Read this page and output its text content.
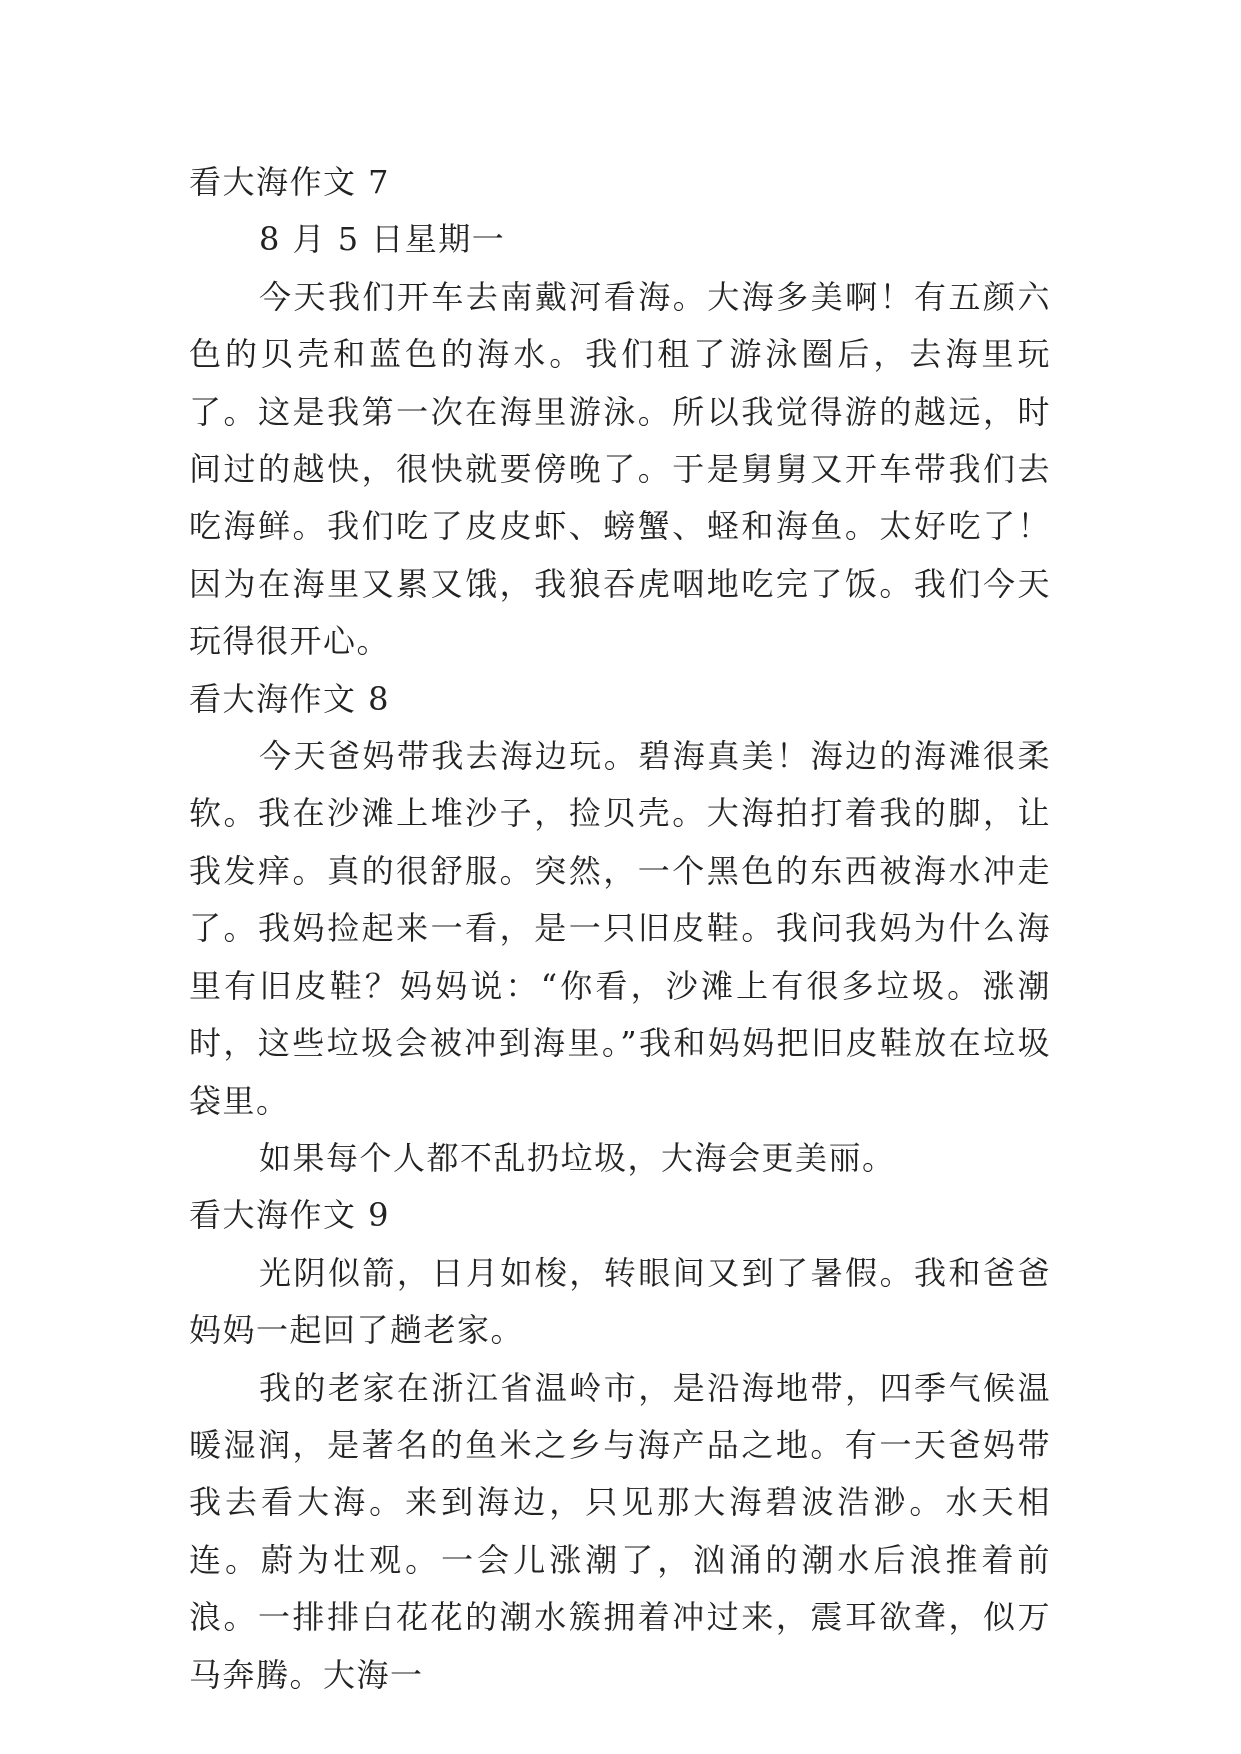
看大海作文 7
8 月 5 日星期一
今天我们开车去南戴河看海。大海多美啊！有五颜六色的贝壳和蓝色的海水。我们租了游泳圈后，去海里玩了。这是我第一次在海里游泳。所以我觉得游的越远，时间过的越快，很快就要傍晚了。于是舅舅又开车带我们去吃海鲜。我们吃了皮皮虾、螃蟹、蛏和海鱼。太好吃了！因为在海里又累又饿，我狼吞虎咽地吃完了饭。我们今天玩得很开心。
看大海作文 8
今天爸妈带我去海边玩。碧海真美！海边的海滩很柔软。我在沙滩上堆沙子，捡贝壳。大海拍打着我的脚，让我发痒。真的很舒服。突然，一个黑色的东西被海水冲走了。我妈捡起来一看，是一只旧皮鞋。我问我妈为什么海里有旧皮鞋？妈妈说：“你看，沙滩上有很多垃圾。涨潮时，这些垃圾会被冲到海里。”我和妈妈把旧皮鞋放在垃圾袋里。
如果每个人都不乱扔垃圾，大海会更美丽。
看大海作文 9
光阴似箭，日月如梭，转眼间又到了暑假。我和爸爸妈妈一起回了趟老家。
我的老家在浙江省温岭市，是沿海地带，四季气候温暖湿润，是著名的鱼米之乡与海产品之地。有一天爸妈带我去看大海。来到海边，只见那大海碧波浩渺。水天相连。蔚为壮观。一会儿涨潮了，汹涌的潮水后浪推着前浪。一排排白花花的潮水簇拥着冲过来，震耳欲聋，似万马奔腾。大海一
